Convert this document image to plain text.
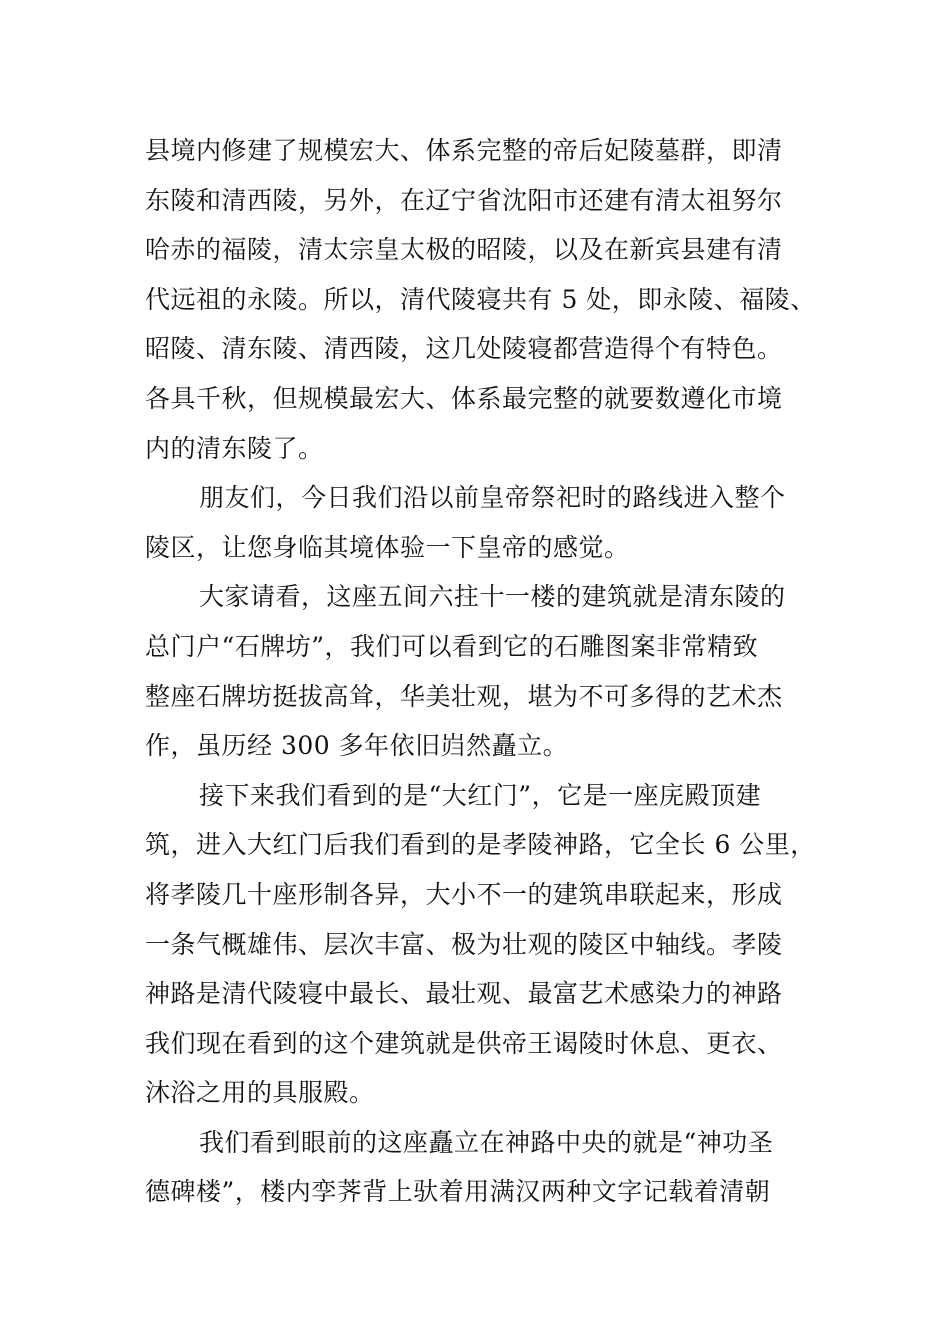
县境内修建了规模宏大、体系完整的帝后妃陵墓群，即清
东陵和清西陵，另外，在辽宁省沈阳市还建有清太祖努尔
哈赤的福陵，清太宗皇太极的昭陵，以及在新宾县建有清
代远祖的永陵。所以，清代陵寝共有 5 处，即永陵、福陵、
昭陵、清东陵、清西陵，这几处陵寝都营造得个有特色。
各具千秋，但规模最宏大、体系最完整的就要数遵化市境
内的清东陵了。

朋友们，今日我们沿以前皇帝祭祀时的路线进入整个
陵区，让您身临其境体验一下皇帝的感觉。

大家请看，这座五间六拄十一楼的建筑就是清东陵的
总门户“石牌坊”，我们可以看到它的石雕图案非常精致
整座石牌坊挺拔高耸，华美壮观，堪为不可多得的艺术杰
作，虽历经 300 多年依旧岿然矗立。

接下来我们看到的是“大红门”，它是一座庑殿顶建
筑，进入大红门后我们看到的是孝陵神路，它全长 6 公里，
将孝陵几十座形制各异，大小不一的建筑串联起来，形成
一条气概雄伟、层次丰富、极为壮观的陵区中轴线。孝陵
神路是清代陵寝中最长、最壮观、最富艺术感染力的神路
我们现在看到的这个建筑就是供帝王谒陵时休息、更衣、
沐浴之用的具服殿。

我们看到眼前的这座矗立在神路中央的就是“神功圣
德碑楼”，楼内孪荠背上驮着用满汉两种文字记载着清朝
